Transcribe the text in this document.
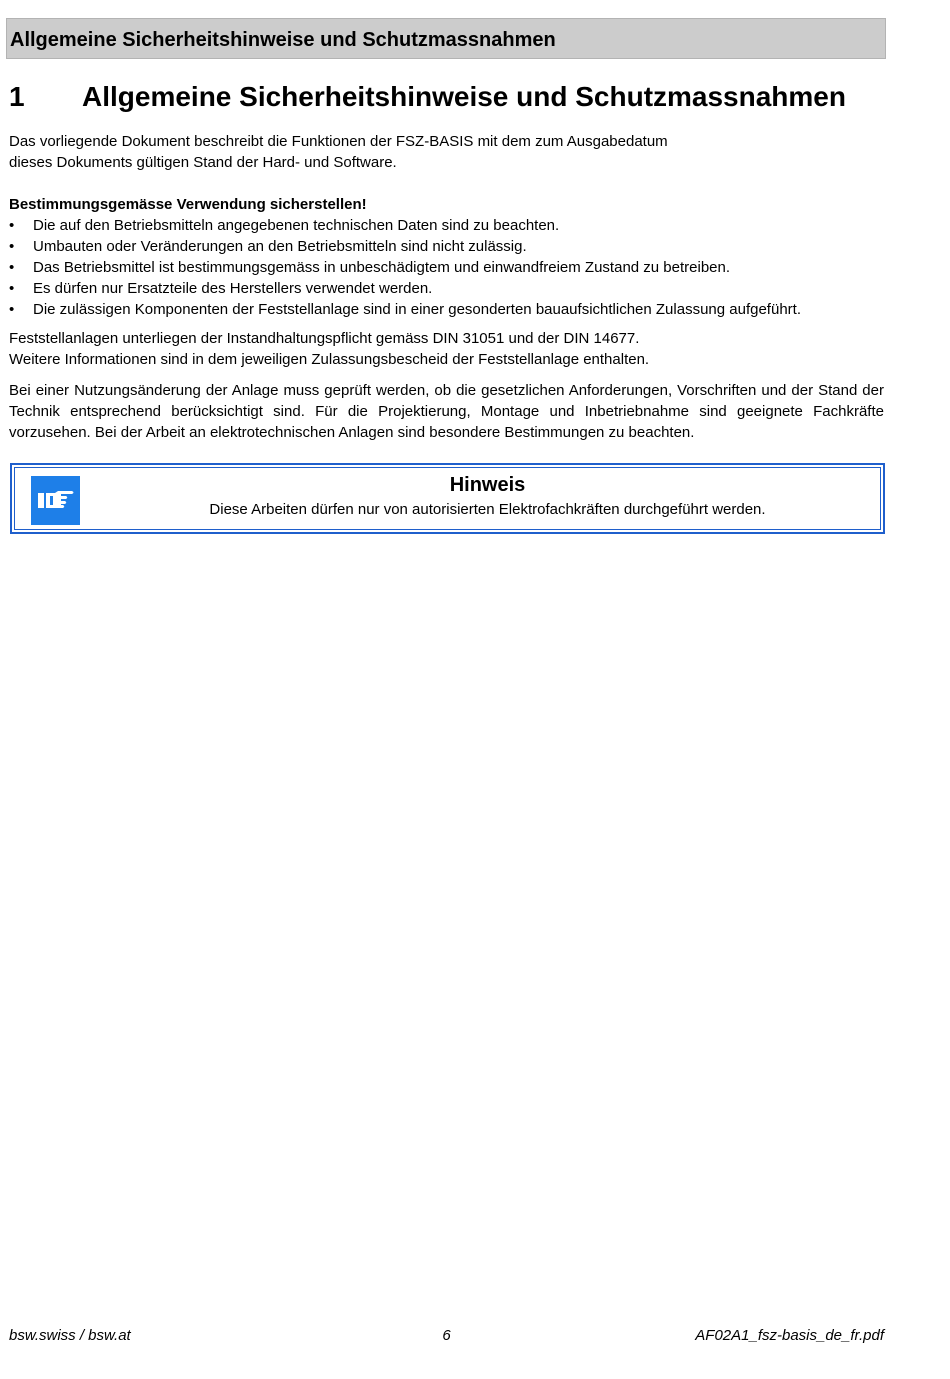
Allgemeine Sicherheitshinweise und Schutzmassnahmen
1 Allgemeine Sicherheitshinweise und Schutzmassnahmen

Das vorliegende Dokument beschreibt die Funktionen der FSZ-BASIS mit dem zum Ausgabedatum
dieses Dokuments gültigen Stand der Hard- und Software.

Bestimmungsgemässe Verwendung sicherstellen!

• Die auf den Betriebsmitteln angegebenen technischen Daten sind zu beachten.
• Umbauten oder Veränderungen an den Betriebsmitteln sind nicht zulässig.
• Das Betriebsmittel ist bestimmungsgemäss in unbeschädigtem und einwandfreiem Zustand zu betreiben.
• Es dürfen nur Ersatzteile des Herstellers verwendet werden.
• Die zulässigen Komponenten der Feststellanlage sind in einer gesonderten bauaufsichtlichen Zulassung aufgeführt.

Feststellanlagen unterliegen der Instandhaltungspflicht gemäss DIN 31051 und der DIN 14677.
Weitere Informationen sind in dem jeweiligen Zulassungsbescheid der Feststellanlage enthalten.

Bei einer Nutzungsänderung der Anlage muss geprüft werden, ob die gesetzlichen Anforderungen, Vorschriften und der Stand der Technik entsprechend berücksichtigt sind. Für die Projektierung, Montage und Inbetriebnahme sind geeignete Fachkräfte vorzusehen. Bei der Arbeit an elektrotechnischen Anlagen sind besondere Bestimmungen zu beachten.

Hinweis
Diese Arbeiten dürfen nur von autorisierten Elektrofachkräften durchgeführt werden.
bsw.swiss / bsw.at	6	AF02A1_fsz-basis_de_fr.pdf
